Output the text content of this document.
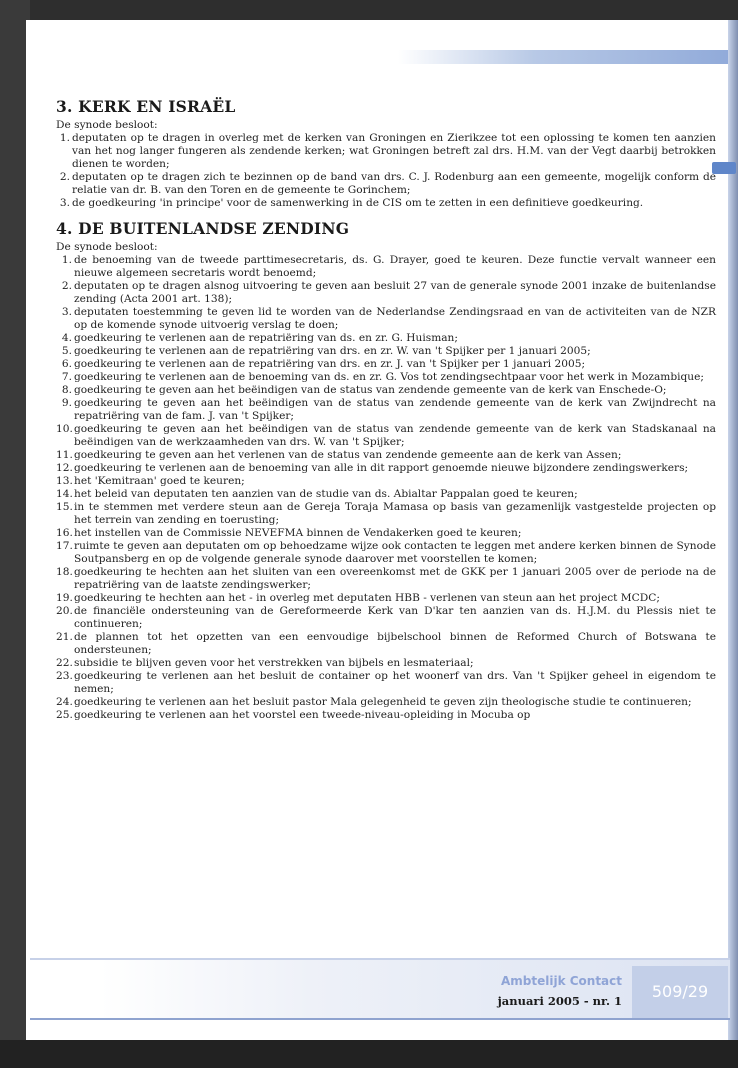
3. KERK EN ISRAËL

De synode besloot:

1. deputaten op te dragen in overleg met de kerken van Groningen en Zierikzee tot een oplossing te komen ten aanzien van het nog langer fungeren als zendende kerken; wat Groningen betreft zal drs. H.M. van der Vegt daarbij betrokken dienen te worden;
2. deputaten op te dragen zich te bezinnen op de band van drs. C. J. Rodenburg aan een gemeente, mogelijk conform de relatie van dr. B. van den Toren en de gemeente te Gorinchem;
3. de goedkeuring 'in principe' voor de samenwerking in de CIS om te zetten in een definitieve goedkeuring.
4. DE BUITENLANDSE ZENDING

De synode besloot:

1. de benoeming van de tweede parttimesecretaris, ds. G. Drayer, goed te keuren. Deze functie vervalt wanneer een nieuwe algemeen secretaris wordt benoemd;
2. deputaten op te dragen alsnog uitvoering te geven aan besluit 27 van de generale synode 2001 inzake de buitenlandse zending (Acta 2001 art. 138);
3. deputaten toestemming te geven lid te worden van de Nederlandse Zendingsraad en van de activiteiten van de NZR op de komende synode uitvoerig verslag te doen;
4. goedkeuring te verlenen aan de repatriëring van ds. en zr. G. Huisman;
5. goedkeuring te verlenen aan de repatriëring van drs. en zr. W. van 't Spijker per 1 januari 2005;
6. goedkeuring te verlenen aan de repatriëring van drs. en zr. J. van 't Spijker per 1 januari 2005;
7. goedkeuring te verlenen aan de benoeming van ds. en zr. G. Vos tot zendingsechtpaar voor het werk in Mozambique;
8. goedkeuring te geven aan het beëindigen van de status van zendende gemeente van de kerk van Enschede-O;
9. goedkeuring te geven aan het beëindigen van de status van zendende gemeente van de kerk van Zwijndrecht na repatriëring van de fam. J. van 't Spijker;
10. goedkeuring te geven aan het beëindigen van de status van zendende gemeente van de kerk van Stadskanaal na beëindigen van de werkzaamheden van drs. W. van 't Spijker;
11. goedkeuring te geven aan het verlenen van de status van zendende gemeente aan de kerk van Assen;
12. goedkeuring te verlenen aan de benoeming van alle in dit rapport genoemde nieuwe bijzondere zendingswerkers;
13. het 'Kemitraan' goed te keuren;
14. het beleid van deputaten ten aanzien van de studie van ds. Abialtar Pappalan goed te keuren;
15. in te stemmen met verdere steun aan de Gereja Toraja Mamasa op basis van gezamenlijk vastgestelde projecten op het terrein van zending en toerusting;
16. het instellen van de Commissie NEVEFMA binnen de Vendakerken goed te keuren;
17. ruimte te geven aan deputaten om op behoedzame wijze ook contacten te leggen met andere kerken binnen de Synode Soutpansberg en op de volgende generale synode daarover met voorstellen te komen;
18. goedkeuring te hechten aan het sluiten van een overeenkomst met de GKK per 1 januari 2005 over de periode na de repatriëring van de laatste zendingswerker;
19. goedkeuring te hechten aan het - in overleg met deputaten HBB - verlenen van steun aan het project MCDC;
20. de financiële ondersteuning van de Gereformeerde Kerk van D'kar ten aanzien van ds. H.J.M. du Plessis niet te continueren;
21. de plannen tot het opzetten van een eenvoudige bijbelschool binnen de Reformed Church of Botswana te ondersteunen;
22. subsidie te blijven geven voor het verstrekken van bijbels en lesmateriaal;
23. goedkeuring te verlenen aan het besluit de container op het woonerf van drs. Van 't Spijker geheel in eigendom te nemen;
24. goedkeuring te verlenen aan het besluit pastor Mala gelegenheid te geven zijn theologische studie te continueren;
25. goedkeuring te verlenen aan het voorstel een tweede-niveau-opleiding in Mocuba op
Ambtelijk Contact
januari 2005 - nr. 1	509/29
